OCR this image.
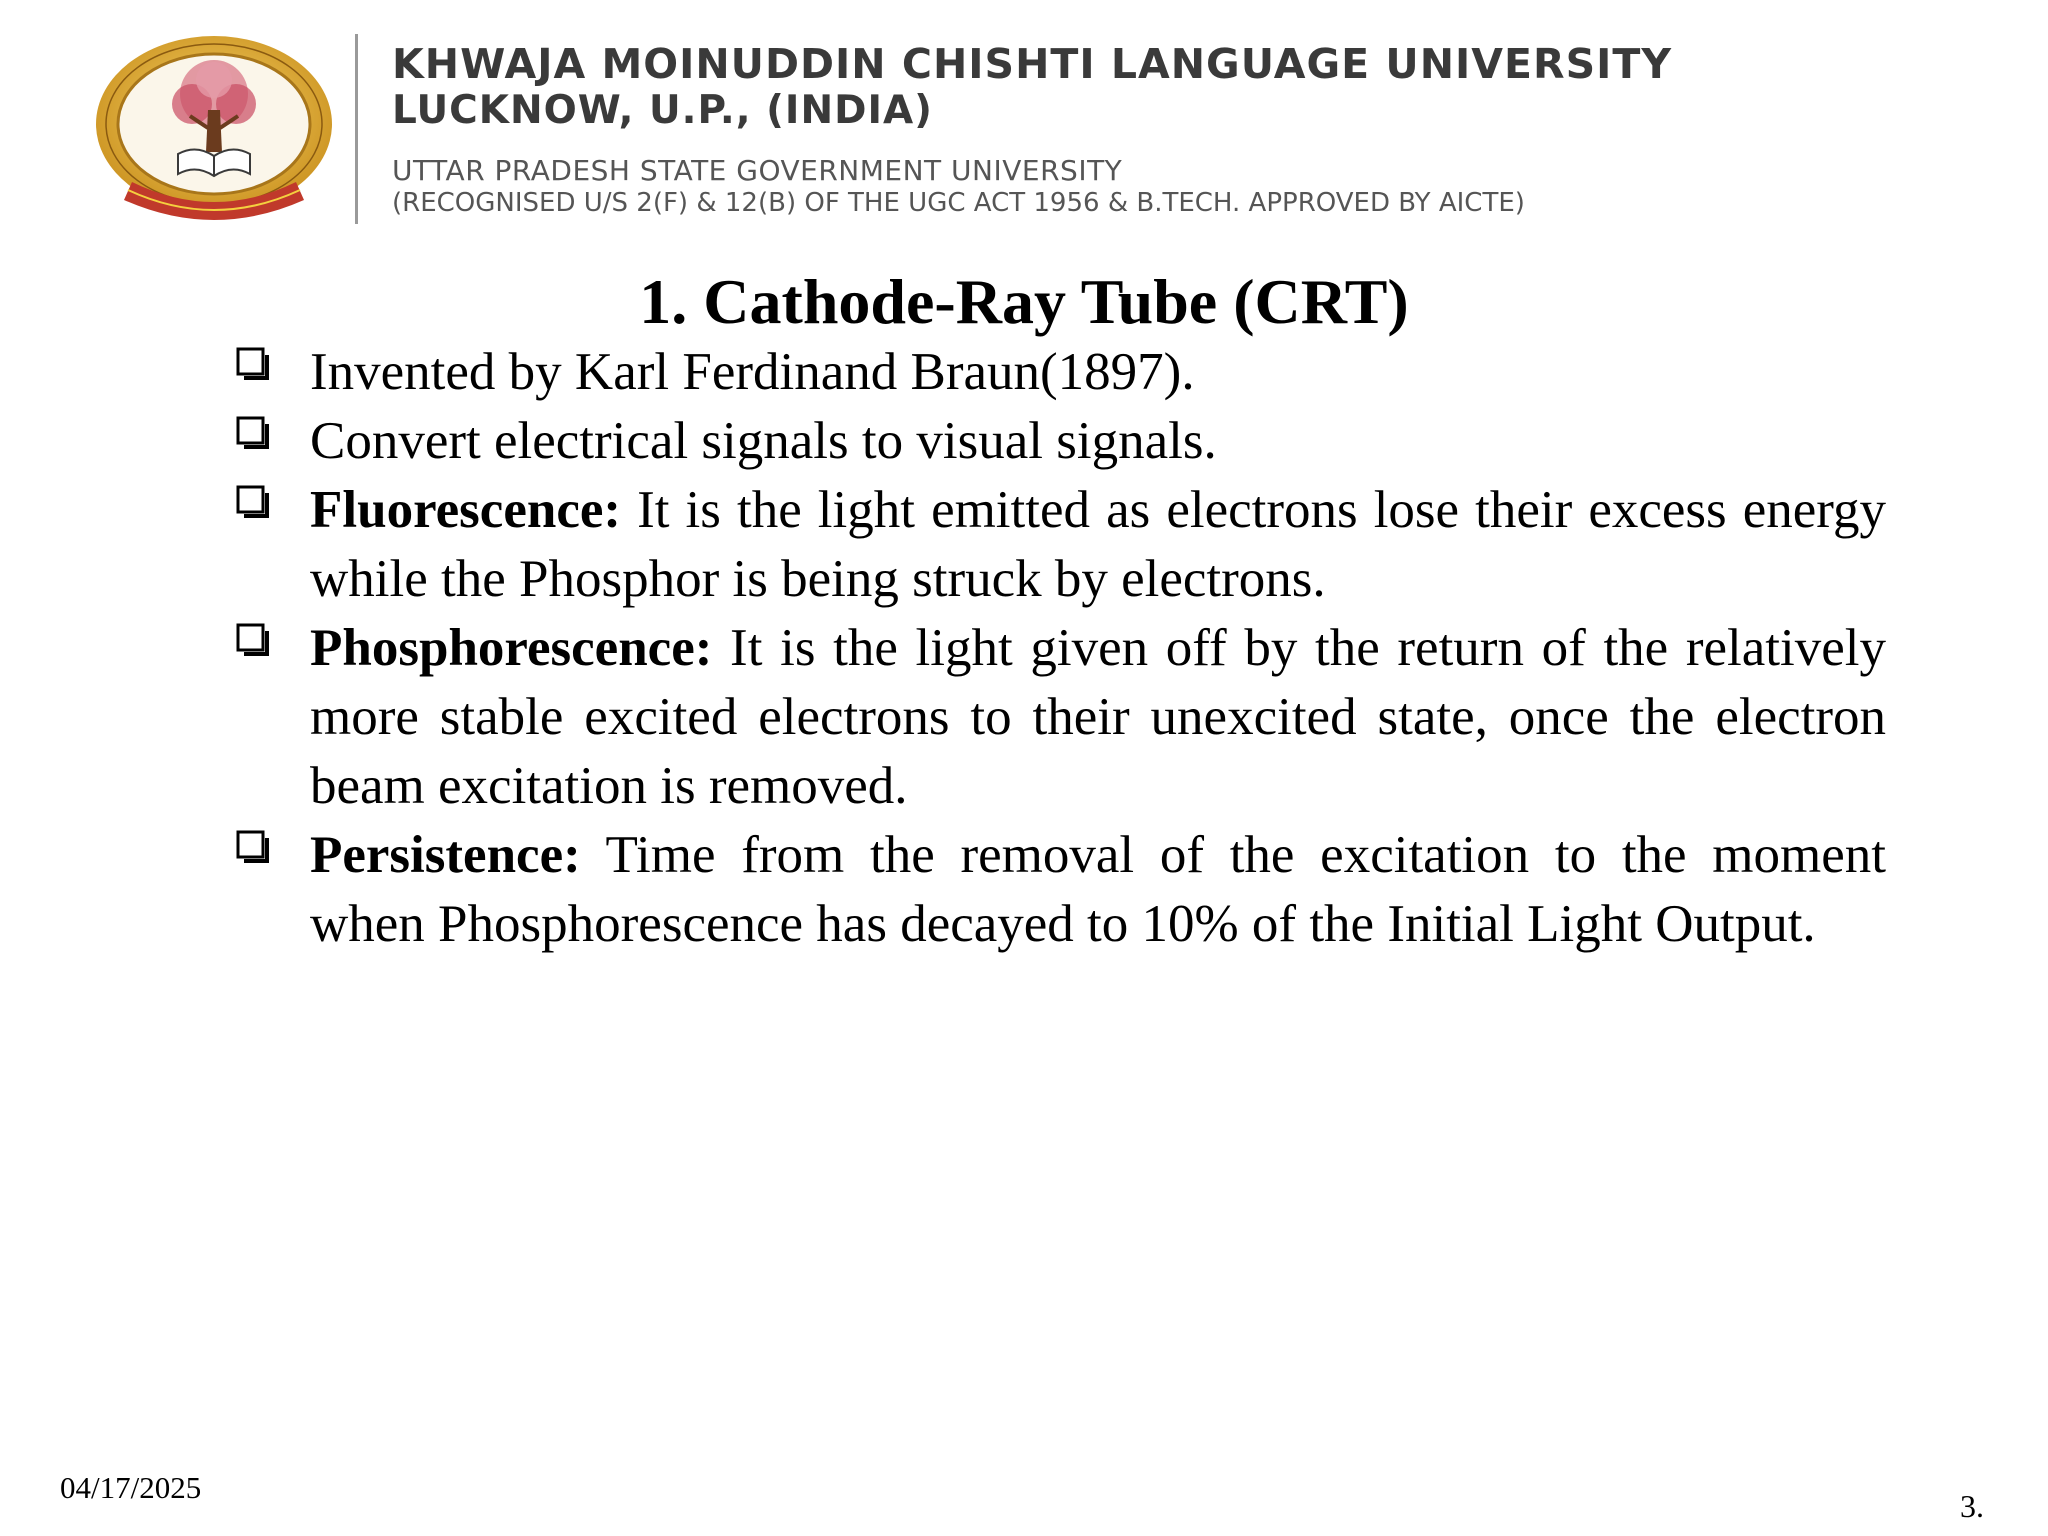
KHWAJA MOINUDDIN CHISHTI LANGUAGE UNIVERSITY
LUCKNOW, U.P., (INDIA)
UTTAR PRADESH STATE GOVERNMENT UNIVERSITY
(RECOGNISED U/S 2(F) & 12(B) OF THE UGC ACT 1956 & B.TECH. APPROVED BY AICTE)
1. Cathode-Ray Tube (CRT)
Invented by Karl Ferdinand Braun(1897).
Convert electrical signals to visual signals.
Fluorescence: It is the light emitted as electrons lose their excess energy while the Phosphor is being struck by electrons.
Phosphorescence: It is the light given off by the return of the relatively more stable excited electrons to their unexcited state, once the electron beam excitation is removed.
Persistence: Time from the removal of the excitation to the moment when Phosphorescence has decayed to 10% of the Initial Light Output.
04/17/2025
3.
